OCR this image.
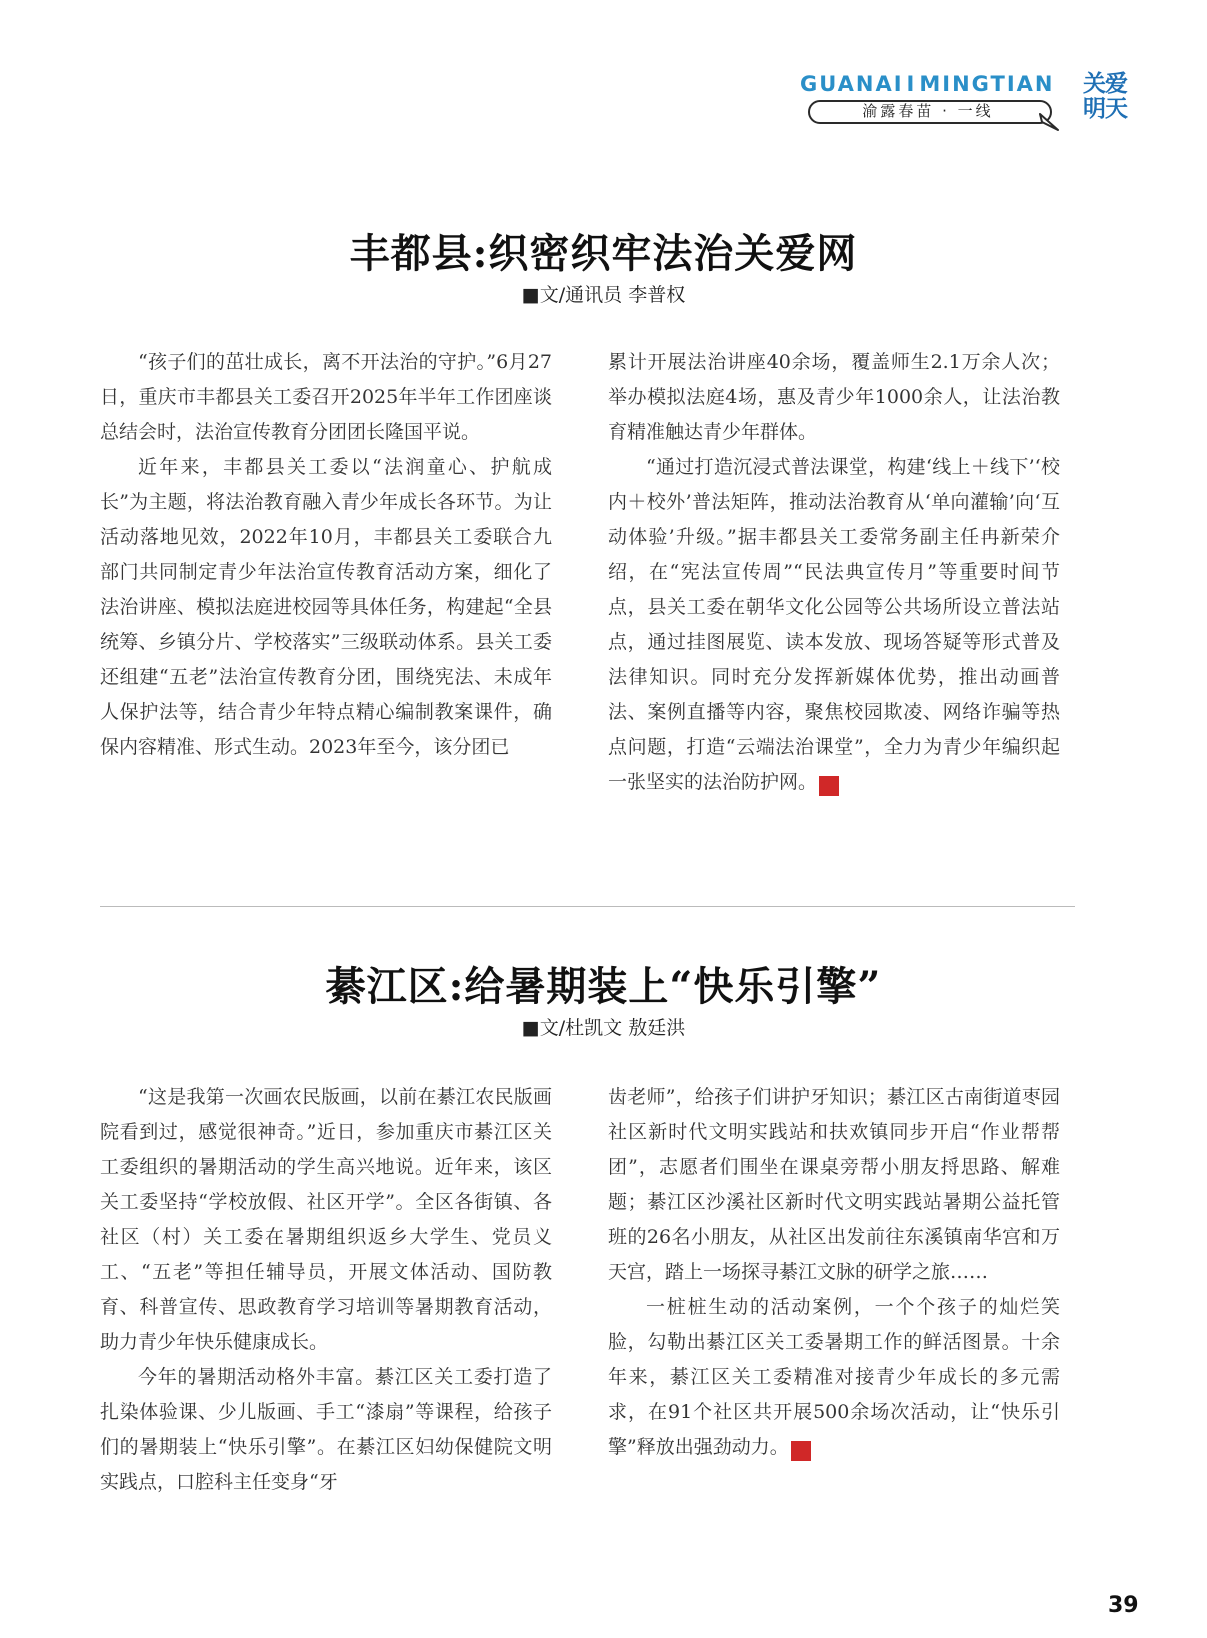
GUANAI I MINGTIAN
渝露春苗 · 一线
关爱
明天
丰都县:织密织牢法治关爱网
■文/通讯员 李普权

“孩子们的茁壮成长，离不开法治的守护。”6月27日，重庆市丰都县关工委召开2025年半年工作团座谈总结会时，法治宣传教育分团团长隆国平说。

近年来，丰都县关工委以“法润童心、护航成长”为主题，将法治教育融入青少年成长各环节。为让活动落地见效，2022年10月，丰都县关工委联合九部门共同制定青少年法治宣传教育活动方案，细化了法治讲座、模拟法庭进校园等具体任务，构建起“全县统筹、乡镇分片、学校落实”三级联动体系。县关工委还组建“五老”法治宣传教育分团，围绕宪法、未成年人保护法等，结合青少年特点精心编制教案课件，确保内容精准、形式生动。2023年至今，该分团已

累计开展法治讲座40余场，覆盖师生2.1万余人次；举办模拟法庭4场，惠及青少年1000余人，让法治教育精准触达青少年群体。

“通过打造沉浸式普法课堂，构建‘线上＋线下’‘校内＋校外’普法矩阵，推动法治教育从‘单向灌输’向‘互动体验’升级。”据丰都县关工委常务副主任冉新荣介绍，在“宪法宣传周”“民法典宣传月”等重要时间节点，县关工委在朝华文化公园等公共场所设立普法站点，通过挂图展览、读本发放、现场答疑等形式普及法律知识。同时充分发挥新媒体优势，推出动画普法、案例直播等内容，聚焦校园欺凌、网络诈骗等热点问题，打造“云端法治课堂”，全力为青少年编织起一张坚实的法治防护网。	关

綦江区:给暑期装上“快乐引擎”
■文/杜凯文 敖廷洪

“这是我第一次画农民版画，以前在綦江农民版画院看到过，感觉很神奇。”近日，参加重庆市綦江区关工委组织的暑期活动的学生高兴地说。近年来，该区关工委坚持“学校放假、社区开学”。全区各街镇、各社区（村）关工委在暑期组织返乡大学生、党员义工、“五老”等担任辅导员，开展文体活动、国防教育、科普宣传、思政教育学习培训等暑期教育活动，助力青少年快乐健康成长。

今年的暑期活动格外丰富。綦江区关工委打造了扎染体验课、少儿版画、手工“漆扇”等课程，给孩子们的暑期装上“快乐引擎”。在綦江区妇幼保健院文明实践点，口腔科主任变身“牙

齿老师”，给孩子们讲护牙知识；綦江区古南街道枣园社区新时代文明实践站和扶欢镇同步开启“作业帮帮团”，志愿者们围坐在课桌旁帮小朋友捋思路、解难题；綦江区沙溪社区新时代文明实践站暑期公益托管班的26名小朋友，从社区出发前往东溪镇南华宫和万天宫，踏上一场探寻綦江文脉的研学之旅……

一桩桩生动的活动案例，一个个孩子的灿烂笑脸，勾勒出綦江区关工委暑期工作的鲜活图景。十余年来，綦江区关工委精准对接青少年成长的多元需求，在91个社区共开展500余场次活动，让“快乐引擎”释放出强劲动力。	关

39
